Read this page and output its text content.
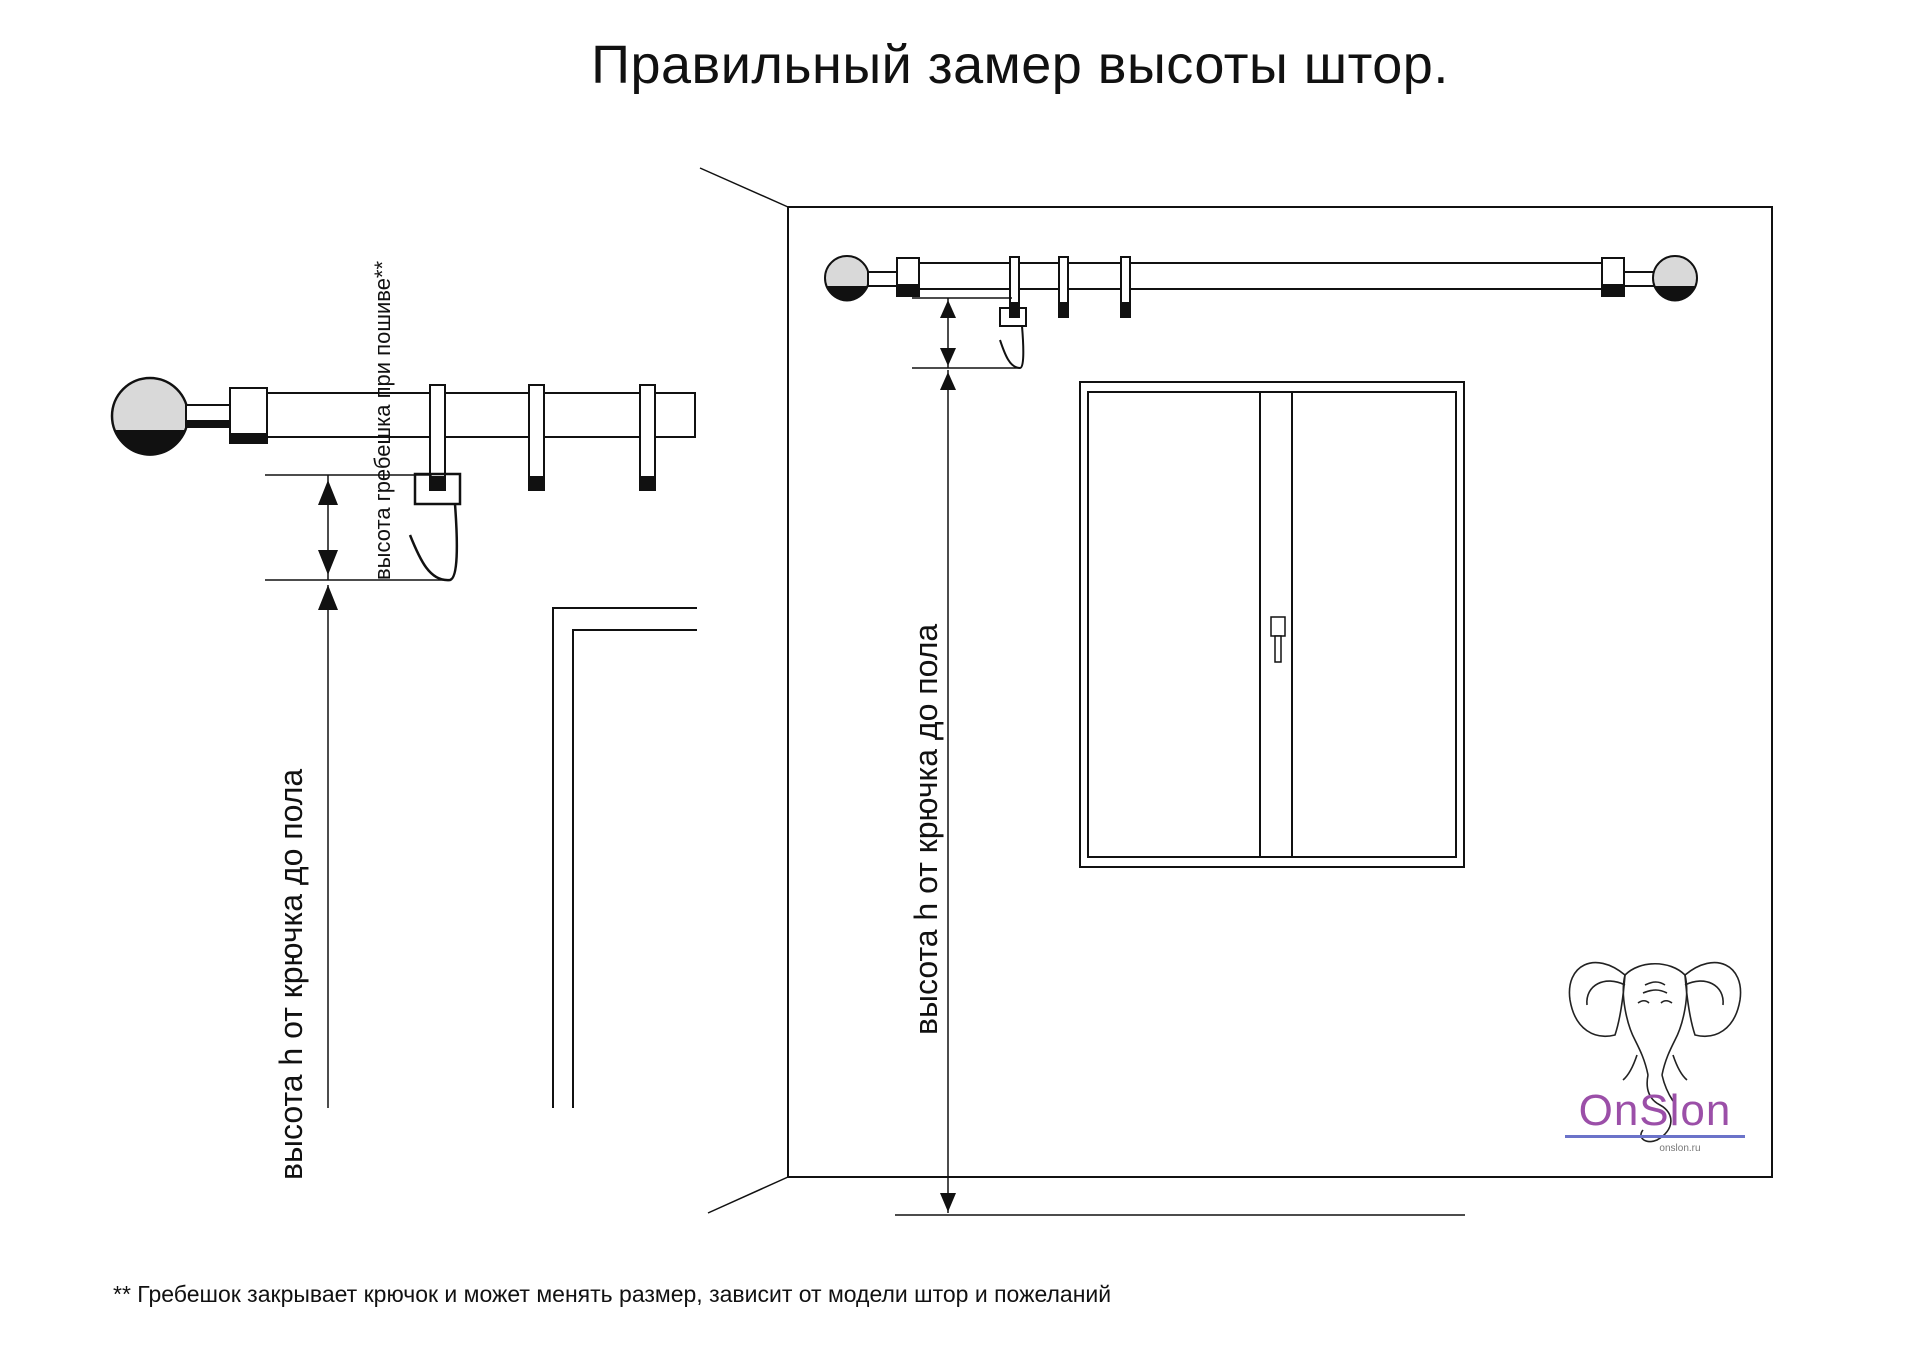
высота гребешка при пошиве**
высота h от крючка до пола	высота h от крючка до пола
OnSlon
onslon.ru
Правильный замер высоты штор.

** Гребешок закрывает крючок и может менять размер, зависит от модели штор и пожеланий
